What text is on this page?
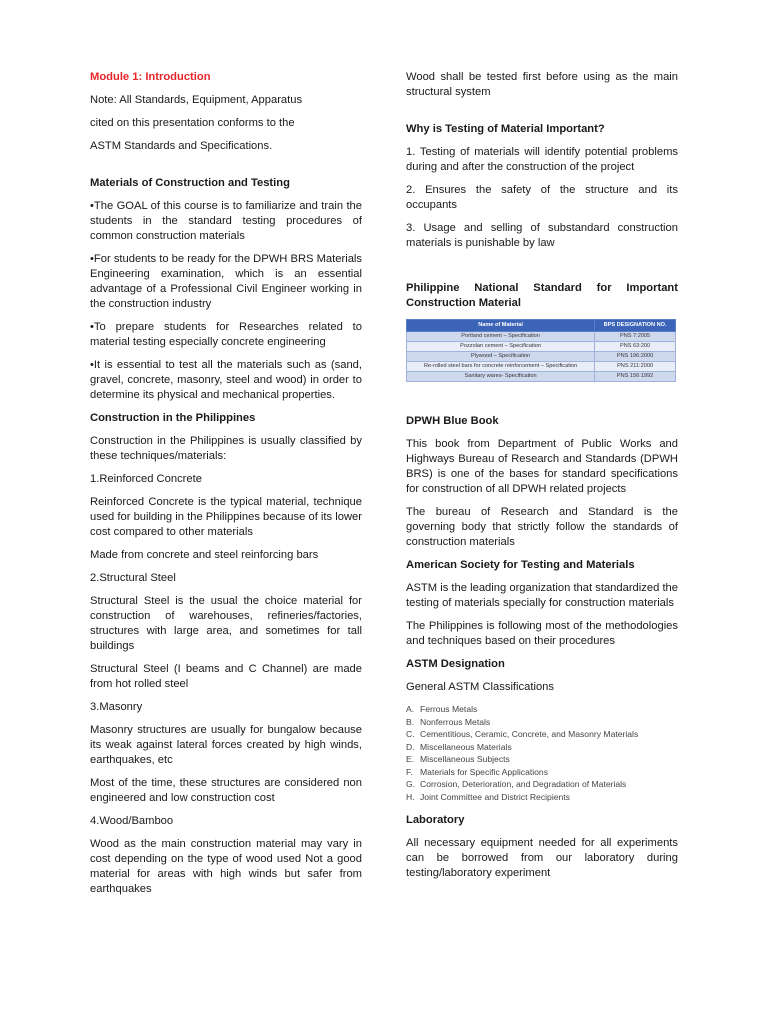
Module 1: Introduction
Note: All Standards, Equipment, Apparatus
cited on this presentation conforms to the
ASTM Standards and Specifications.
Materials of Construction and Testing

•The GOAL of this course is to familiarize and train the students in the standard testing procedures of common construction materials

•For students to be ready for the DPWH BRS Materials Engineering examination, which is an essential advantage of a Professional Civil Engineer working in the construction industry

•To prepare students for Researches related to material testing especially concrete engineering

•It is essential to test all the materials such as (sand, gravel, concrete, masonry, steel and wood) in order to determine its physical and mechanical properties.

Construction in the Philippines

Construction in the Philippines is usually classified by these techniques/materials:

1.Reinforced Concrete

Reinforced Concrete is the typical material, technique used for building in the Philippines because of its lower cost compared to other materials

Made from concrete and steel reinforcing bars

2.Structural Steel

Structural Steel is the usual the choice material for construction of warehouses, refineries/factories, structures with large area, and sometimes for tall buildings

Structural Steel (I beams and C Channel) are made from hot rolled steel

3.Masonry

Masonry structures are usually for bungalow because its weak against lateral forces created by high winds, earthquakes, etc

Most of the time, these structures are considered non engineered and low construction cost

4.Wood/Bamboo

Wood as the main construction material may vary in cost depending on the type of wood used Not a good material for areas with high winds but safer from earthquakes

Wood shall be tested first before using as the main structural system

Why is Testing of Material Important?

1. Testing of materials will identify potential problems during and after the construction of the project

2. Ensures the safety of the structure and its occupants

3. Usage and selling of substandard construction materials is punishable by law

Philippine National Standard for Important Construction Material
Name of Material	BPS DESIGNATION NO.
Portland cement – Specification	PNS 7:2005
Pozzolan cement – Specification	PNS 63:200
Plywood – Specification	PNS 196:2000
Re-rolled steel bars for concrete reinforcement – Specification	PNS 211:2000
Sanitary wares- Specification	PNS 156:1992
DPWH Blue Book

This book from Department of Public Works and Highways Bureau of Research and Standards (DPWH BRS) is one of the bases for standard specifications for construction of all DPWH related projects

The bureau of Research and Standard is the governing body that strictly follow the standards of construction materials

American Society for Testing and Materials

ASTM is the leading organization that standardized the testing of materials specially for construction materials

The Philippines is following most of the methodologies and techniques based on their procedures

ASTM Designation

General ASTM Classifications

A. Ferrous Metals
B. Nonferrous Metals
C. Cementitious, Ceramic, Concrete, and Masonry Materials
D. Miscellaneous Materials
E. Miscellaneous Subjects
F. Materials for Specific Applications
G. Corrosion, Deterioration, and Degradation of Materials
H. Joint Committee and District Recipients
Laboratory

All necessary equipment needed for all experiments can be borrowed from our laboratory during testing/laboratory experiment
